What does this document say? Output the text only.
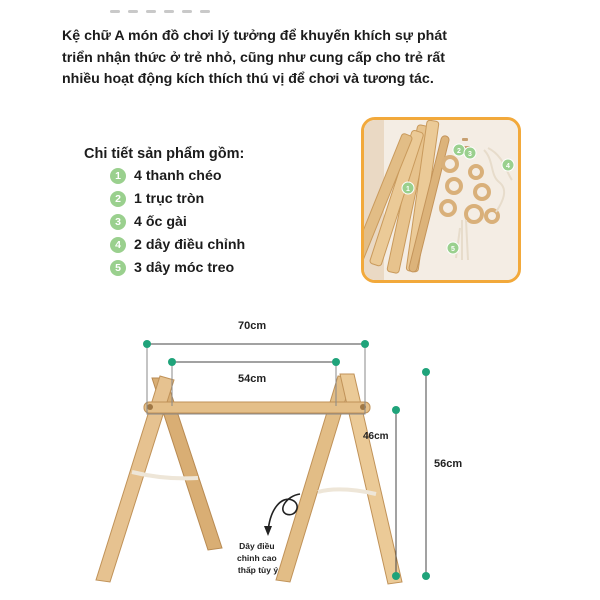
Kệ chữ A món đồ chơi lý tưởng để khuyến khích sự phát
triển nhận thức ở trẻ nhỏ, cũng như cung cấp cho trẻ rất
nhiều hoạt động kích thích thú vị để chơi và tương tác.
Chi tiết sản phẩm gồm:
1 4 thanh chéo
2 1 trục tròn
3 4 ốc gài
4 2 dây điều chỉnh
5 3 dây móc treo
1
2 3
4
5
70cm
54cm
46cm
56cm
Dây điều chỉnh cao thấp tùy ý
